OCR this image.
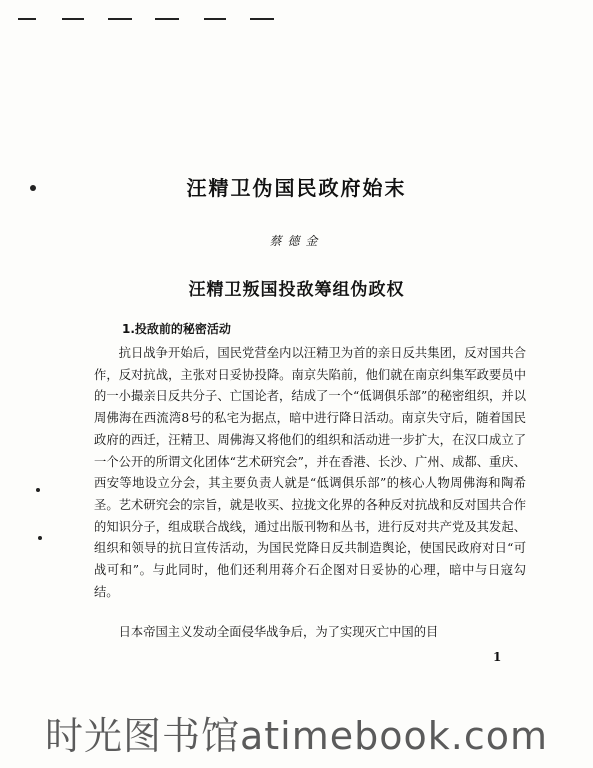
汪精卫伪国民政府始末
蔡德金
汪精卫叛国投敌筹组伪政权
1.投敌前的秘密活动

抗日战争开始后，国民党营垒内以汪精卫为首的亲日反共集团，反对国共合作，反对抗战，主张对日妥协投降。南京失陷前，他们就在南京纠集军政要员中的一小撮亲日反共分子、亡国论者，结成了一个“低调俱乐部”的秘密组织，并以周佛海在西流湾8号的私宅为据点，暗中进行降日活动。南京失守后，随着国民政府的西迁，汪精卫、周佛海又将他们的组织和活动进一步扩大，在汉口成立了一个公开的所谓文化团体“艺术研究会”，并在香港、长沙、广州、成都、重庆、西安等地设立分会，其主要负责人就是“低调俱乐部”的核心人物周佛海和陶希圣。艺术研究会的宗旨，就是收买、拉拢文化界的各种反对抗战和反对国共合作的知识分子，组成联合战线，通过出版刊物和丛书，进行反对共产党及其发起、组织和领导的抗日宣传活动，为国民党降日反共制造舆论，使国民政府对日“可战可和”。与此同时，他们还利用蒋介石企图对日妥协的心理，暗中与日寇勾结。

日本帝国主义发动全面侵华战争后，为了实现灭亡中国的目

1
时光图书馆atimebook.com
